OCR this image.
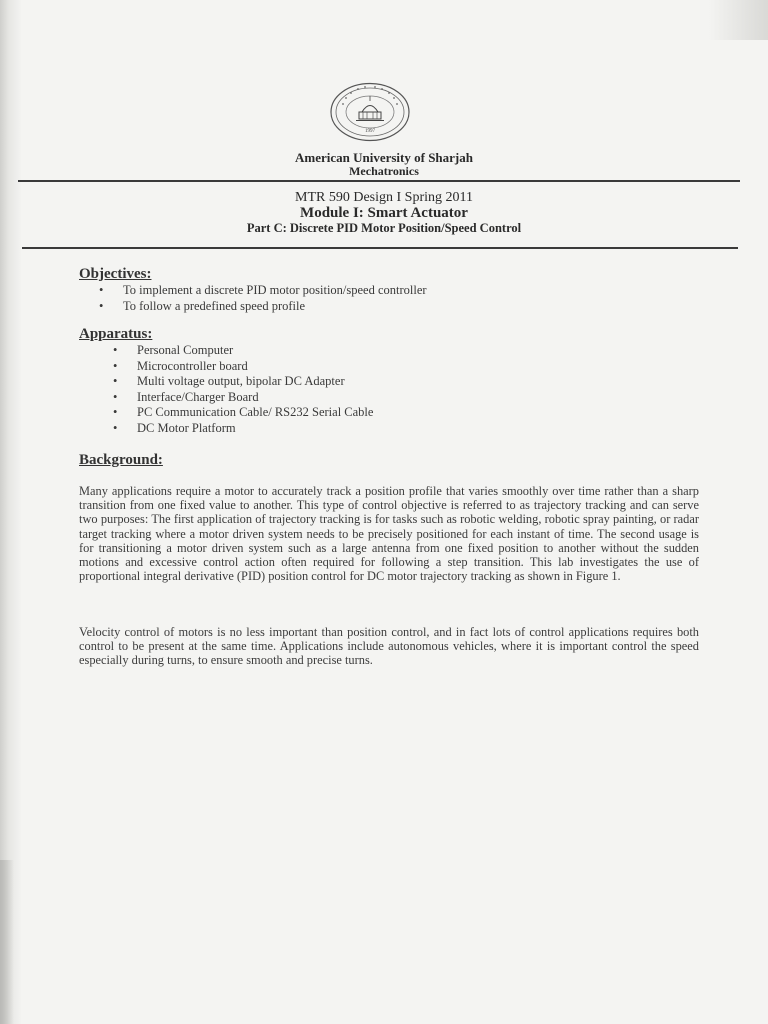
1997
American University of Sharjah
Mechatronics
MTR 590 Design I Spring 2011
Module I: Smart Actuator
Part C: Discrete PID Motor Position/Speed Control
Objectives:
• To implement a discrete PID motor position/speed controller
• To follow a predefined speed profile
Apparatus:
• Personal Computer
• Microcontroller board
• Multi voltage output, bipolar DC Adapter
• Interface/Charger Board
• PC Communication Cable/ RS232 Serial Cable
• DC Motor Platform
Background:

Many applications require a motor to accurately track a position profile that varies smoothly over time rather than a sharp transition from one fixed value to another. This type of control objective is referred to as trajectory tracking and can serve two purposes: The first application of trajectory tracking is for tasks such as robotic welding, robotic spray painting, or radar target tracking where a motor driven system needs to be precisely positioned for each instant of time. The second usage is for transitioning a motor driven system such as a large antenna from one fixed position to another without the sudden motions and excessive control action often required for following a step transition. This lab investigates the use of proportional integral derivative (PID) position control for DC motor trajectory tracking as shown in Figure 1.

Velocity control of motors is no less important than position control, and in fact lots of control applications requires both control to be present at the same time. Applications include autonomous vehicles, where it is important control the speed especially during turns, to ensure smooth and precise turns.
